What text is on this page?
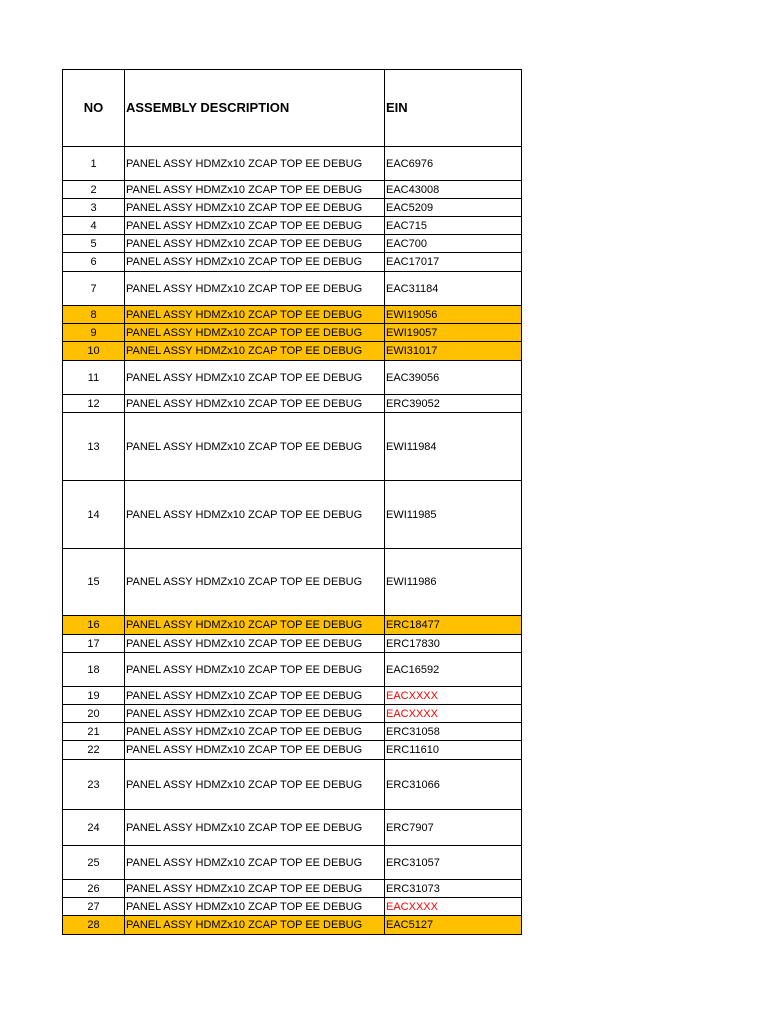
NO	ASSEMBLY DESCRIPTION	EIN
1	PANEL ASSY HDMZx10 ZCAP TOP EE DEBUG	EAC6976
2	PANEL ASSY HDMZx10 ZCAP TOP EE DEBUG	EAC43008
3	PANEL ASSY HDMZx10 ZCAP TOP EE DEBUG	EAC5209
4	PANEL ASSY HDMZx10 ZCAP TOP EE DEBUG	EAC715
5	PANEL ASSY HDMZx10 ZCAP TOP EE DEBUG	EAC700
6	PANEL ASSY HDMZx10 ZCAP TOP EE DEBUG	EAC17017
7	PANEL ASSY HDMZx10 ZCAP TOP EE DEBUG	EAC31184
8	PANEL ASSY HDMZx10 ZCAP TOP EE DEBUG	EWI19056
9	PANEL ASSY HDMZx10 ZCAP TOP EE DEBUG	EWI19057
10	PANEL ASSY HDMZx10 ZCAP TOP EE DEBUG	EWI31017
11	PANEL ASSY HDMZx10 ZCAP TOP EE DEBUG	EAC39056
12	PANEL ASSY HDMZx10 ZCAP TOP EE DEBUG	ERC39052
13	PANEL ASSY HDMZx10 ZCAP TOP EE DEBUG	EWI11984
14	PANEL ASSY HDMZx10 ZCAP TOP EE DEBUG	EWI11985
15	PANEL ASSY HDMZx10 ZCAP TOP EE DEBUG	EWI11986
16	PANEL ASSY HDMZx10 ZCAP TOP EE DEBUG	ERC18477
17	PANEL ASSY HDMZx10 ZCAP TOP EE DEBUG	ERC17830
18	PANEL ASSY HDMZx10 ZCAP TOP EE DEBUG	EAC16592
19	PANEL ASSY HDMZx10 ZCAP TOP EE DEBUG	EACXXXX
20	PANEL ASSY HDMZx10 ZCAP TOP EE DEBUG	EACXXXX
21	PANEL ASSY HDMZx10 ZCAP TOP EE DEBUG	ERC31058
22	PANEL ASSY HDMZx10 ZCAP TOP EE DEBUG	ERC11610
23	PANEL ASSY HDMZx10 ZCAP TOP EE DEBUG	ERC31066
24	PANEL ASSY HDMZx10 ZCAP TOP EE DEBUG	ERC7907
25	PANEL ASSY HDMZx10 ZCAP TOP EE DEBUG	ERC31057
26	PANEL ASSY HDMZx10 ZCAP TOP EE DEBUG	ERC31073
27	PANEL ASSY HDMZx10 ZCAP TOP EE DEBUG	EACXXXX
28	PANEL ASSY HDMZx10 ZCAP TOP EE DEBUG	EAC5127
